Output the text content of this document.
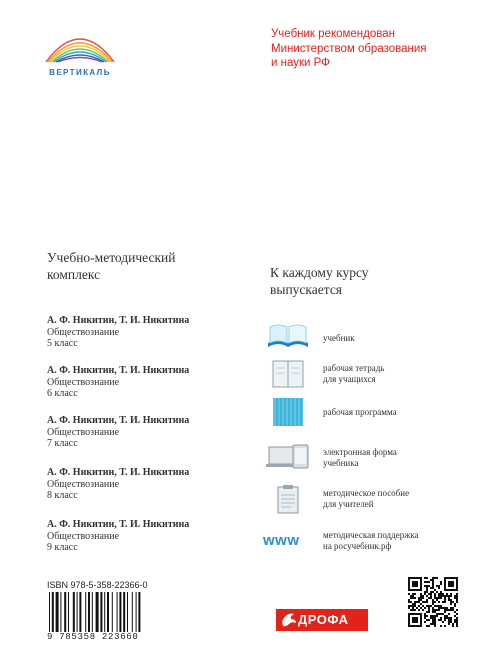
ВЕРТИКАЛЬ
Учебник рекомендован
Министерством образования
и науки РФ
Учебно-методический
комплекс
А. Ф. Никитин, Т. И. Никитина
Обществознание
5 класс
А. Ф. Никитин, Т. И. Никитина
Обществознание
6 класс
А. Ф. Никитин, Т. И. Никитина
Обществознание
7 класс
А. Ф. Никитин, Т. И. Никитина
Обществознание
8 класс
А. Ф. Никитин, Т. И. Никитина
Обществознание
9 класс
К каждому курсу
выпускается
учебник
рабочая тетрадь
для учащихся
рабочая программа
электронная форма
учебника
методическое пособие
для учителей
www	методическая поддержка
на росучебник.рф
ISBN 978-5-358-22366-0
9 785358 223660
ДРОФА
